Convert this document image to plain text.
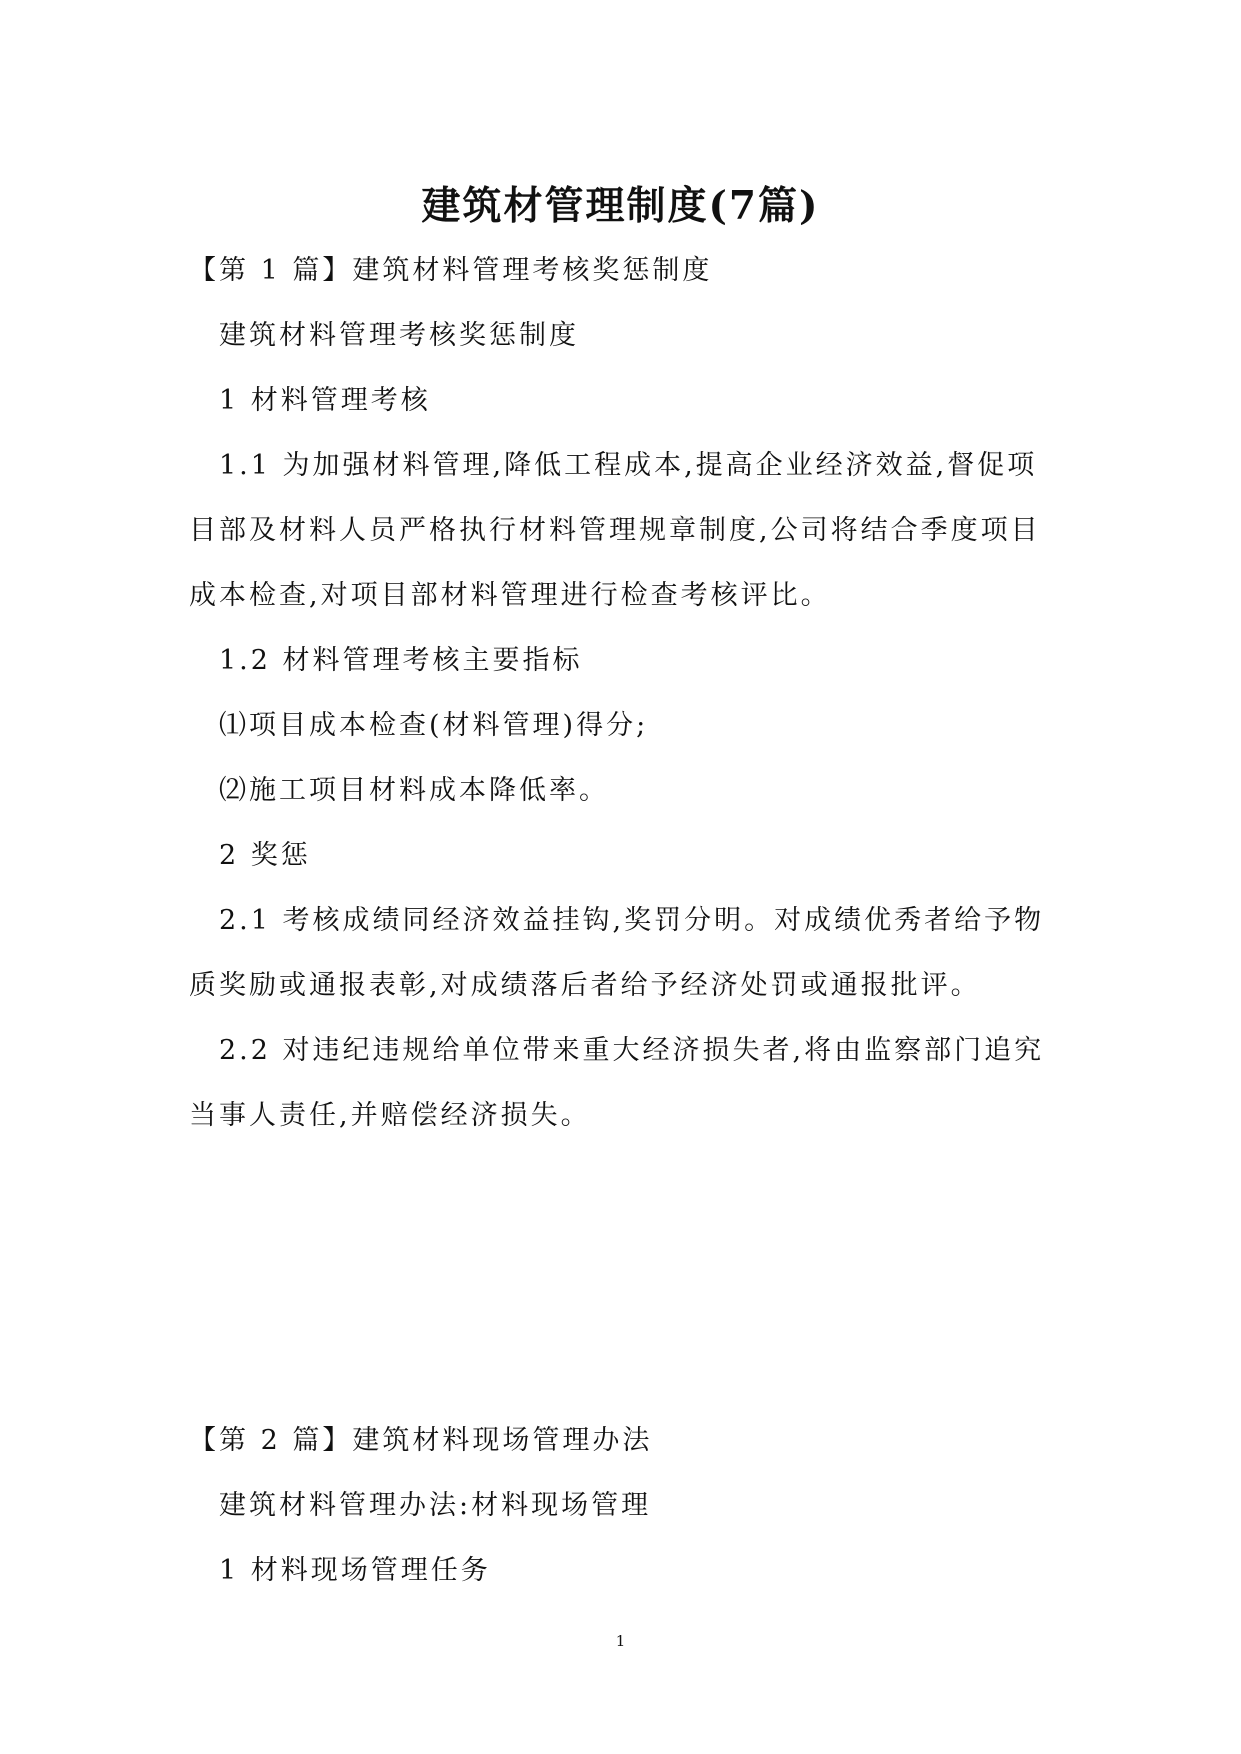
建筑材管理制度(7篇)

【第 1 篇】建筑材料管理考核奖惩制度

建筑材料管理考核奖惩制度

1 材料管理考核

1.1 为加强材料管理,降低工程成本,提高企业经济效益,督促项目部及材料人员严格执行材料管理规章制度,公司将结合季度项目成本检查,对项目部材料管理进行检查考核评比。

1.2 材料管理考核主要指标

⑴项目成本检查(材料管理)得分;

⑵施工项目材料成本降低率。

2 奖惩

2.1 考核成绩同经济效益挂钩,奖罚分明。对成绩优秀者给予物质奖励或通报表彰,对成绩落后者给予经济处罚或通报批评。

2.2 对违纪违规给单位带来重大经济损失者,将由监察部门追究当事人责任,并赔偿经济损失。

【第 2 篇】建筑材料现场管理办法

建筑材料管理办法:材料现场管理

1 材料现场管理任务

1
